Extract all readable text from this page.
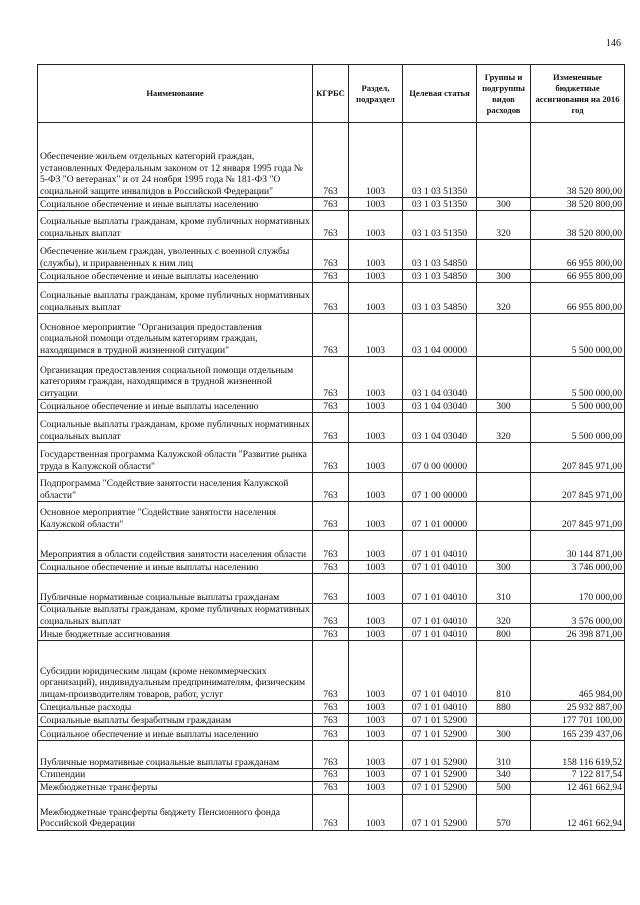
146
Наименование	КГРБС	Раздел, подраздел	Целевая статья	Группы и подгруппы видов расходов	Измененные бюджетные ассигнования на 2016 год
Обеспечение жильем отдельных категорий граждан, установленных Федеральным законом от 12 января 1995 года № 5-ФЗ "О ветеранах" и от 24 ноября 1995 года № 181-ФЗ "О социальной защите инвалидов в Российской Федерации"	763	1003	03 1 03 51350		38 520 800,00
Социальное обеспечение и иные выплаты населению	763	1003	03 1 03 51350	300	38 520 800,00
Социальные выплаты гражданам, кроме публичных нормативных социальных выплат	763	1003	03 1 03 51350	320	38 520 800,00
Обеспечение жильем граждан, уволенных с военной службы (службы), и приравненных к ним лиц	763	1003	03 1 03 54850		66 955 800,00
Социальное обеспечение и иные выплаты населению	763	1003	03 1 03 54850	300	66 955 800,00
Социальные выплаты гражданам, кроме публичных нормативных социальных выплат	763	1003	03 1 03 54850	320	66 955 800,00
Основное мероприятие "Организация предоставления социальной помощи отдельным категориям граждан, находящимся в трудной жизненной ситуации"	763	1003	03 1 04 00000		5 500 000,00
Организация предоставления социальной помощи отдельным категориям граждан, находящимся в трудной жизненной ситуации	763	1003	03 1 04 03040		5 500 000,00
Социальное обеспечение и иные выплаты населению	763	1003	03 1 04 03040	300	5 500 000,00
Социальные выплаты гражданам, кроме публичных нормативных социальных выплат	763	1003	03 1 04 03040	320	5 500 000,00
Государственная программа Калужской области "Развитие рынка труда в Калужской области"	763	1003	07 0 00 00000		207 845 971,00
Подпрограмма "Содействие занятости населения Калужской области"	763	1003	07 1 00 00000		207 845 971,00
Основное мероприятие "Содействие занятости населения Калужской области"	763	1003	07 1 01 00000		207 845 971,00
Мероприятия в области содействия занятости населения области	763	1003	07 1 01 04010		30 144 871,00
Социальное обеспечение и иные выплаты населению	763	1003	07 1 01 04010	300	3 746 000,00
Публичные нормативные социальные выплаты гражданам	763	1003	07 1 01 04010	310	170 000,00
Социальные выплаты гражданам, кроме публичных нормативных социальных выплат	763	1003	07 1 01 04010	320	3 576 000,00
Иные бюджетные ассигнования	763	1003	07 1 01 04010	800	26 398 871,00
Субсидии юридическим лицам (кроме некоммерческих организаций), индивидуальным предпринимателям, физическим лицам-производителям товаров, работ, услуг	763	1003	07 1 01 04010	810	465 984,00
Специальные расходы	763	1003	07 1 01 04010	880	25 932 887,00
Социальные выплаты безработным гражданам	763	1003	07 1 01 52900		177 701 100,00
Социальное обеспечение и иные выплаты населению	763	1003	07 1 01 52900	300	165 239 437,06
Публичные нормативные социальные выплаты гражданам	763	1003	07 1 01 52900	310	158 116 619,52
Стипендии	763	1003	07 1 01 52900	340	7 122 817,54
Межбюджетные трансферты	763	1003	07 1 01 52900	500	12 461 662,94
Межбюджетные трансферты бюджету Пенсионного фонда Российской Федерации	763	1003	07 1 01 52900	570	12 461 662,94
